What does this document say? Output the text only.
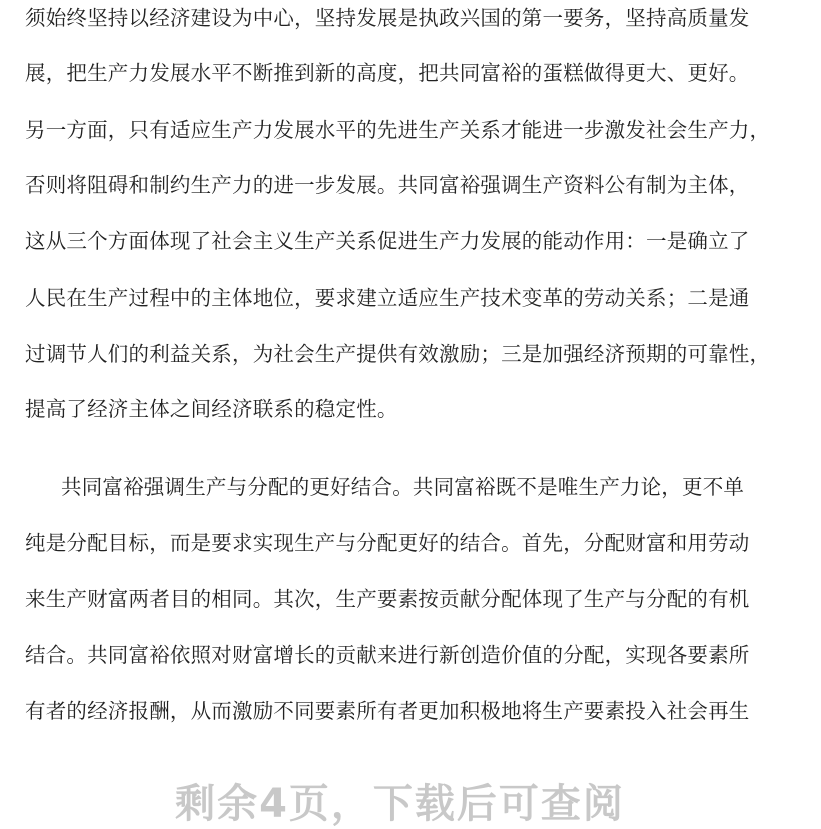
须始终坚持以经济建设为中心，坚持发展是执政兴国的第一要务，坚持高质量发
展，把生产力发展水平不断推到新的高度，把共同富裕的蛋糕做得更大、更好。
另一方面，只有适应生产力发展水平的先进生产关系才能进一步激发社会生产力，
否则将阻碍和制约生产力的进一步发展。共同富裕强调生产资料公有制为主体，
这从三个方面体现了社会主义生产关系促进生产力发展的能动作用：一是确立了
人民在生产过程中的主体地位，要求建立适应生产技术变革的劳动关系；二是通
过调节人们的利益关系，为社会生产提供有效激励；三是加强经济预期的可靠性，
提高了经济主体之间经济联系的稳定性。
共同富裕强调生产与分配的更好结合。共同富裕既不是唯生产力论，更不单
纯是分配目标，而是要求实现生产与分配更好的结合。首先，分配财富和用劳动
来生产财富两者目的相同。其次，生产要素按贡献分配体现了生产与分配的有机
结合。共同富裕依照对财富增长的贡献来进行新创造价值的分配，实现各要素所
有者的经济报酬，从而激励不同要素所有者更加积极地将生产要素投入社会再生
剩余4页，下载后可查阅
